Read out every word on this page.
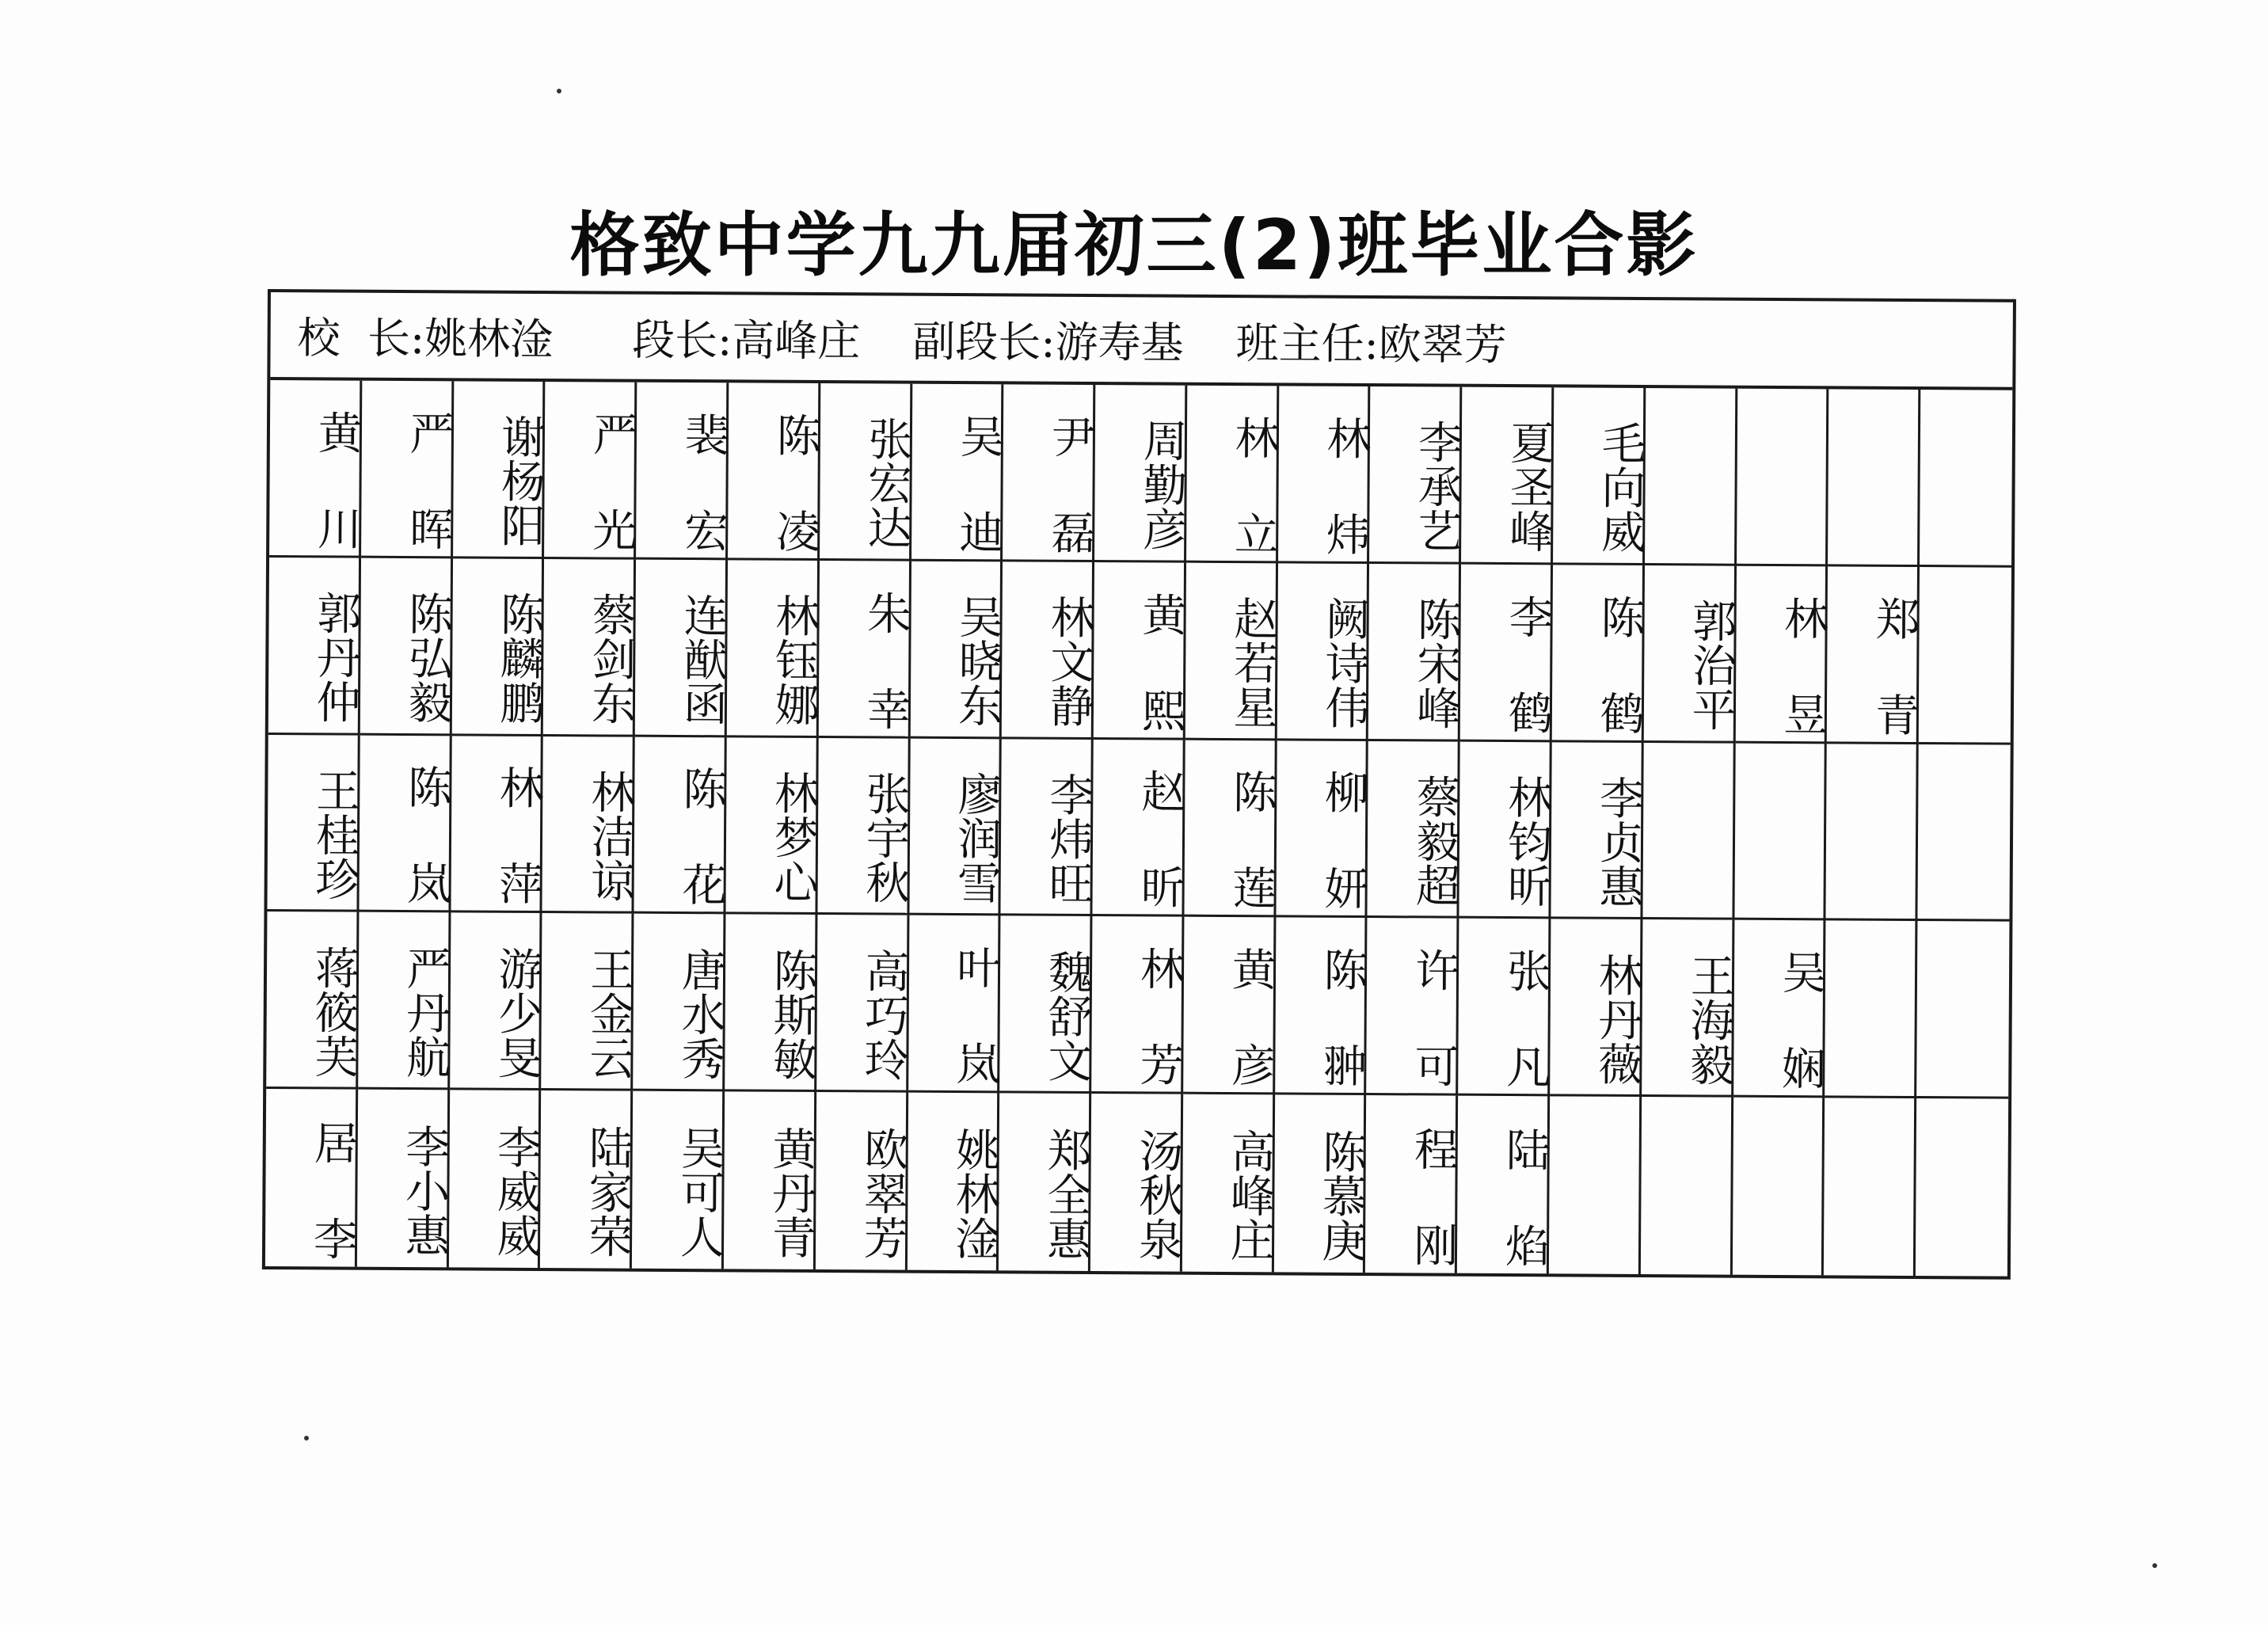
格致中学九九届初三(2)班毕业合影
校  长:姚林淦 段长:高峰庄 副段长:游寿基 班主任:欧翠芳
黄 川 严 晖 谢杨阳 严 光 裴 宏 陈 凌 张宏达 吴 迪 尹 磊 周勤彦 林 立 林 炜 李承艺 夏圣峰 毛向威
郭丹仲 陈弘毅 陈麟鹏 蔡剑东 连猷函 林钰娜 朱 幸 吴晓东 林文静 黄 熙 赵若星 阙诗伟 陈宋峰 李 鹤 陈 鹤 郭治平 林 昱 郑 青
王桂珍 陈 岚 林 萍 林洁谅 陈 花 林梦心 张宇秋 廖润雪 李炜旺 赵 昕 陈 莲 柳 妍 蔡毅超 林钧昕 李贞惠
蒋筱芙 严丹航 游少旻 王金云 唐水秀 陈斯敏 高巧玲 叶 岚 魏舒文 林 芳 黄 彦 陈 翀 许 可 张 凡 林丹薇 王海毅 吴 娴
居 李 李小惠 李威威 陆家荣 吴可人 黄丹青 欧翠芳 姚林淦 郑全惠 汤秋泉 高峰庄 陈慕庚 程 刚 陆 焰
